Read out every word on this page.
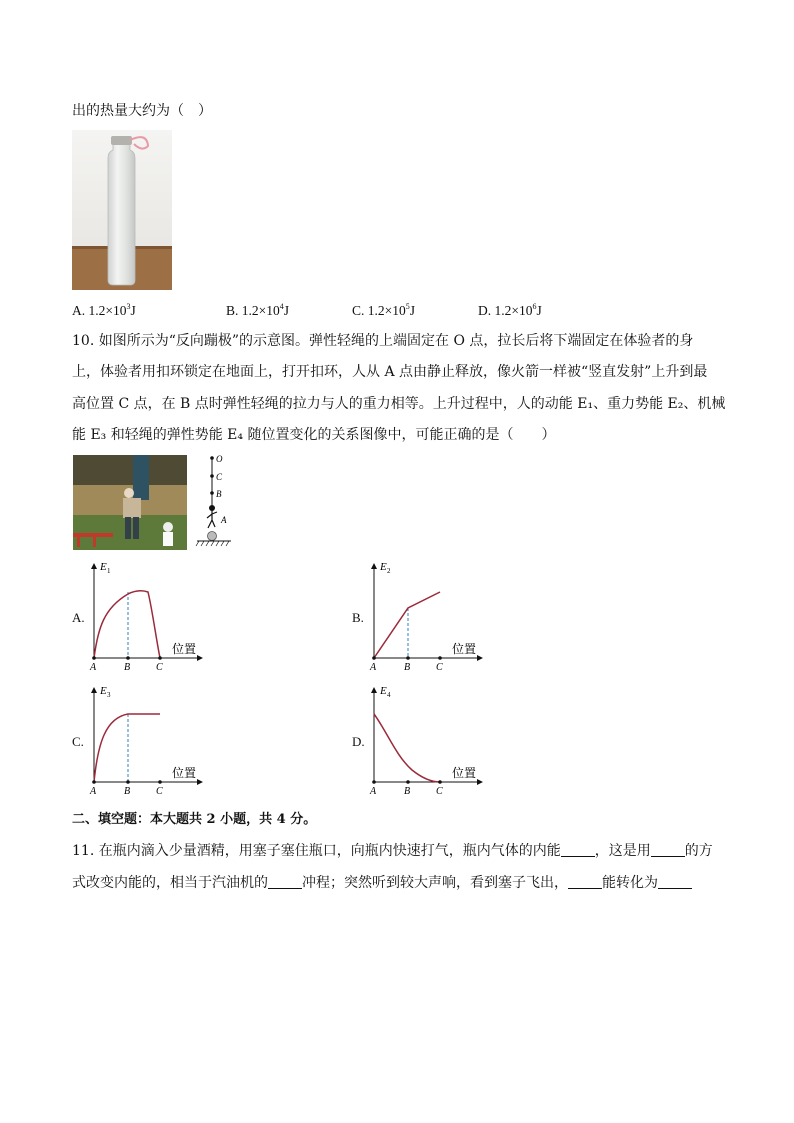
出的热量大约为（　）
A. $1.2\times 10^3J$	B. $1.2\times 10^4J$	C. $1.2\times 10^5J$	D. $1.2\times 10^6J$
10. 如图所示为“反向蹦极”的示意图。弹性轻绳的上端固定在 O 点，拉长后将下端固定在体验者的身
上，体验者用扣环锁定在地面上，打开扣环，人从 A 点由静止释放，像火箭一样被“竖直发射”上升到最
高位置 C 点，在 B 点时弹性轻绳的拉力与人的重力相等。上升过程中，人的动能 E₁、重力势能 E₂、机械
能 E₃ 和轻绳的弹性势能 E₄ 随位置变化的关系图像中，可能正确的是（　　）
O
C
B
A
A.
E 1
位置
A	B	C
B.
E 2
位置
A	B	C
C.
E 3
位置
A	B	C
D.
E 4
位置
A	B	C
二、填空题：本大题共 2 小题，共 4 分。
11. 在瓶内滴入少量酒精，用塞子塞住瓶口，向瓶内快速打气，瓶内气体的内能 ，这是用 的方
式改变内能的，相当于汽油机的 冲程；突然听到较大声响，看到塞子飞出， 能转化为
